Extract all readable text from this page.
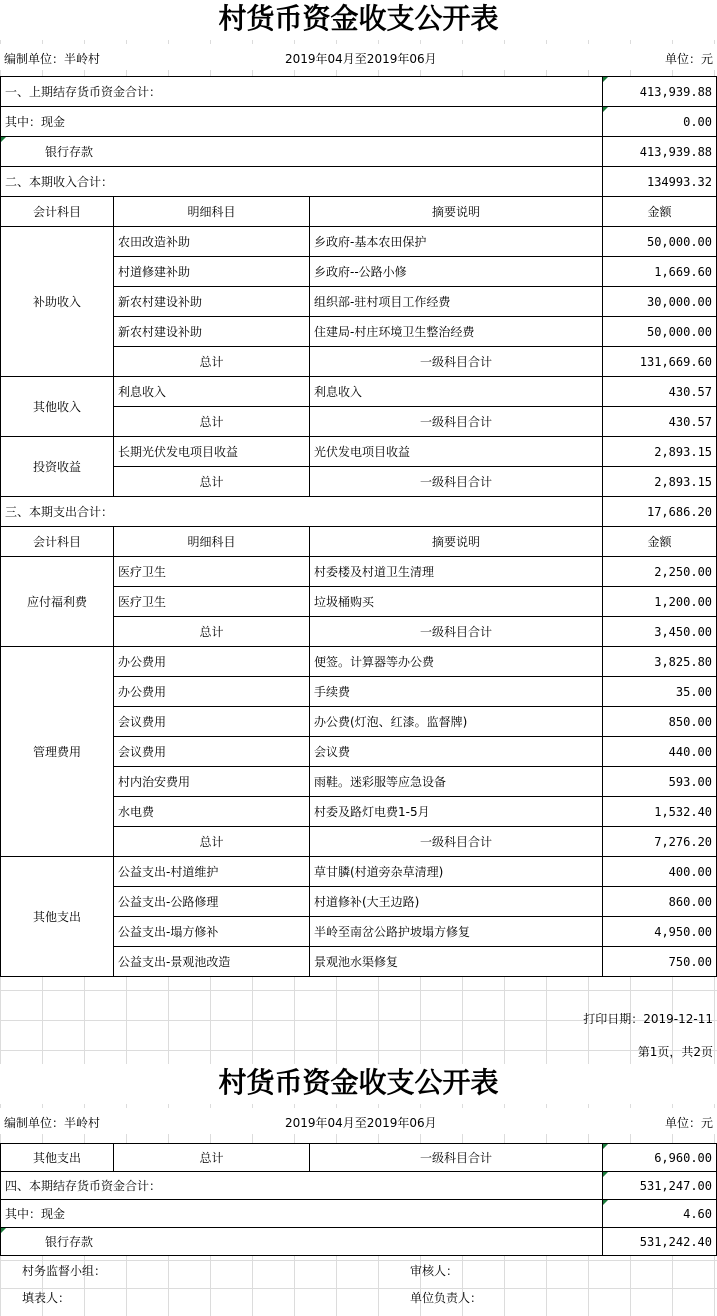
村货币资金收支公开表
编制单位：半岭村	2019年04月至2019年06月	单位：元
一、上期结存货币资金合计：			413,939.88
其中：现金			0.00
银行存款			413,939.88
二、本期收入合计：			134993.32
会计科目	明细科目	摘要说明	金额
补助收入	农田改造补助	乡政府-基本农田保护	50,000.00
	村道修建补助	乡政府--公路小修	1,669.60
	新农村建设补助	组织部-驻村项目工作经费	30,000.00
	新农村建设补助	住建局-村庄环境卫生整治经费	50,000.00
	总计	一级科目合计	131,669.60
其他收入	利息收入	利息收入	430.57
	总计	一级科目合计	430.57
投资收益	长期光伏发电项目收益	光伏发电项目收益	2,893.15
	总计	一级科目合计	2,893.15
三、本期支出合计：			17,686.20
会计科目	明细科目	摘要说明	金额
应付福利费	医疗卫生	村委楼及村道卫生清理	2,250.00
	医疗卫生	垃圾桶购买	1,200.00
	总计	一级科目合计	3,450.00
管理费用	办公费用	便签。计算器等办公费	3,825.80
	办公费用	手续费	35.00
	会议费用	办公费(灯泡、红漆。监督牌)	850.00
	会议费用	会议费	440.00
	村内治安费用	雨鞋。迷彩服等应急设备	593.00
	水电费	村委及路灯电费1-5月	1,532.40
	总计	一级科目合计	7,276.20
其他支出	公益支出-村道维护	草甘膦(村道旁杂草清理)	400.00
	公益支出-公路修理	村道修补(大王边路)	860.00
	公益支出-塌方修补	半岭至南岔公路护坡塌方修复	4,950.00
	公益支出-景观池改造	景观池水渠修复	750.00
打印日期：2019-12-11
第1页，共2页
村货币资金收支公开表
编制单位：半岭村	2019年04月至2019年06月	单位：元
其他支出	总计	一级科目合计	6,960.00
四、本期结存货币资金合计：			531,247.00
其中：现金			4.60
银行存款			531,242.40
村务监督小组：	审核人：
填表人：	单位负责人：
